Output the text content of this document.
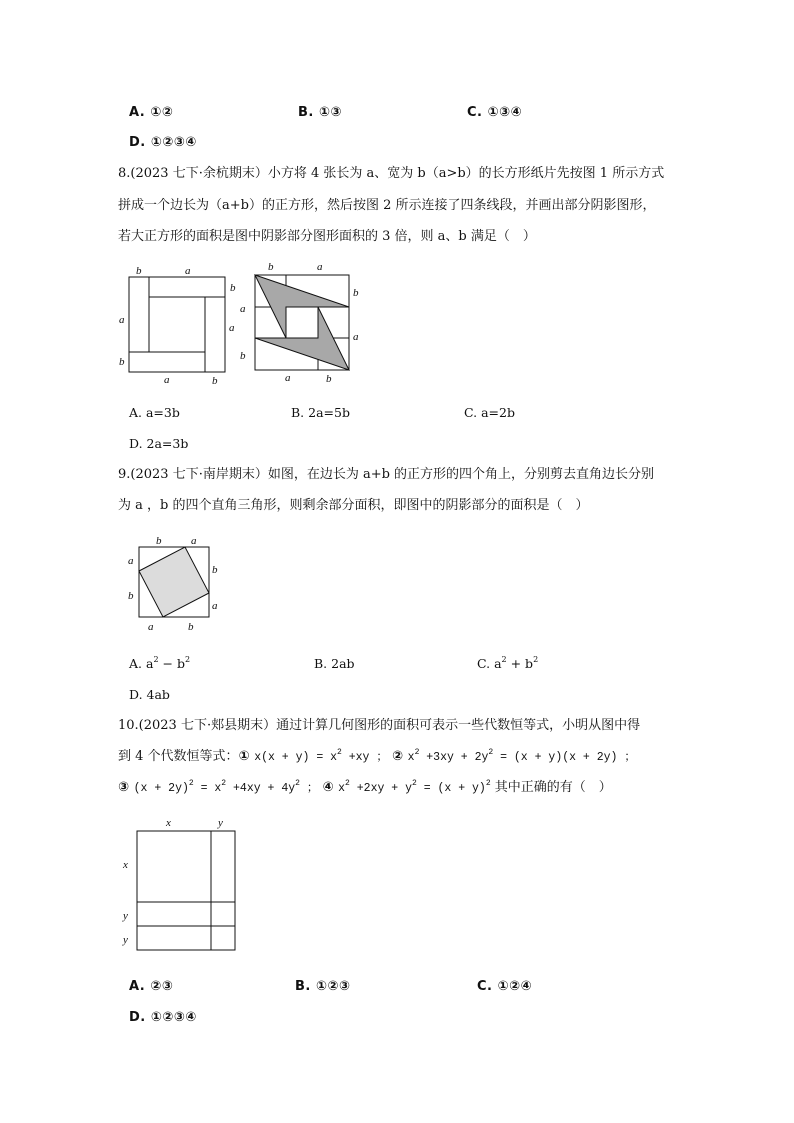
A. ①②	B. ①③	C. ①③④
D. ①②③④
8.(2023 七下·余杭期末）小方将 4 张长为 a、宽为 b（a>b）的长方形纸片先按图 1 所示方式
拼成一个边长为（a+b）的正方形，然后按图 2 所示连接了四条线段，并画出部分阴影图形，
若大正方形的面积是图中阴影部分图形面积的 3 倍，则 a、b 满足（　）
b	a
b
a
a
b
a	b
b	a
b
a
b
a
a	b
A. a=3b	B. 2a=5b	C. a=2b
D. 2a=3b
9.(2023 七下·南岸期末）如图，在边长为 a+b 的正方形的四个角上，分别剪去直角边长分别
为 a ，b 的四个直角三角形，则剩余部分面积，即图中的阴影部分的面积是（　）
b	a
a
b
b
a
a	b
A. $a^2 - b^2$	B. 2ab	C. $a^2 + b^2$
D. 4ab
10.(2023 七下·郏县期末）通过计算几何图形的面积可表示一些代数恒等式，小明从图中得
到 4 个代数恒等式：① $x(x + y) = x^2 +xy$ ； ② $x^2 +3xy + 2y^2 = (x + y)(x + 2y)$ ；
③ $(x + 2y)^2 = x^2 +4xy + 4y^2$ ； ④ $x^2 +2xy + y^2 = (x + y)^2$ 其中正确的有（　）
x	y
x
y
y
A. ②③	B. ①②③	C. ①②④
D. ①②③④
